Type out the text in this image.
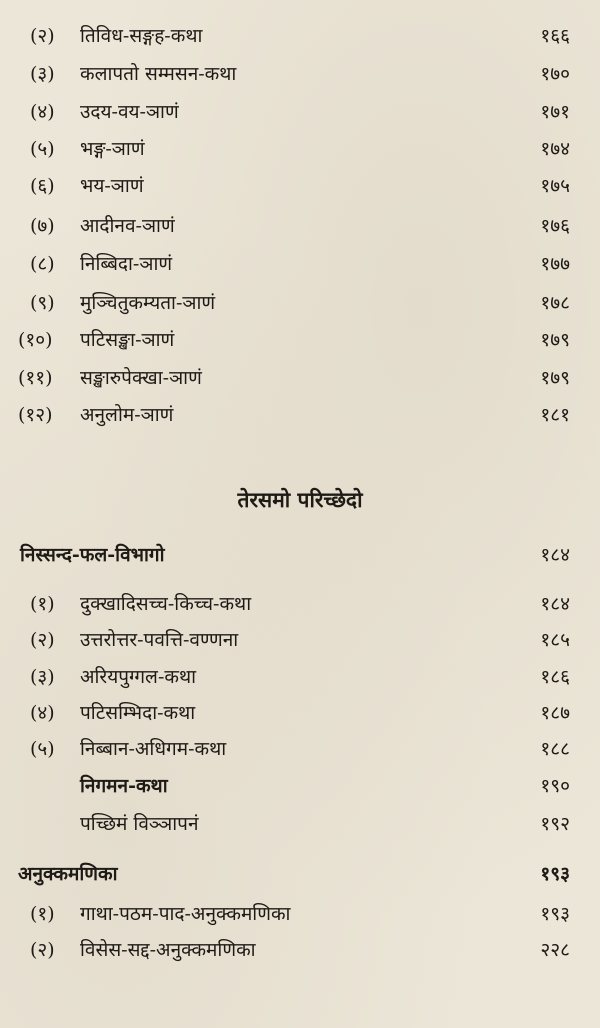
(२)	तिविध-सङ्गह-कथा	१६६
(३)	कलापतो सम्मसन-कथा	१७०
(४)	उदय-वय-ञाणं	१७१
(५)	भङ्ग-ञाणं	१७४
(६)	भय-ञाणं	१७५
(७)	आदीनव-ञाणं	१७६
(८)	निब्बिदा-ञाणं	१७७
(९)	मुञ्चितुकम्यता-ञाणं	१७८
(१०)	पटिसङ्खा-ञाणं	१७९
(११)	सङ्खारुपेक्खा-ञाणं	१७९
(१२)	अनुलोम-ञाणं	१८१
तेरसमो परिच्छेदो
निस्सन्द-फल-विभागो	१८४
(१)	दुक्खादिसच्च-किच्च-कथा	१८४
(२)	उत्तरोत्तर-पवत्ति-वण्णना	१८५
(३)	अरियपुग्गल-कथा	१८६
(४)	पटिसम्भिदा-कथा	१८७
(५)	निब्बान-अधिगम-कथा	१८८
निगमन-कथा	१९०
पच्छिमं विञ्ञापनं	१९२
अनुक्कमणिका	१९३
(१)	गाथा-पठम-पाद-अनुक्कमणिका	१९३
(२)	विसेस-सद्द-अनुक्कमणिका	२२८
